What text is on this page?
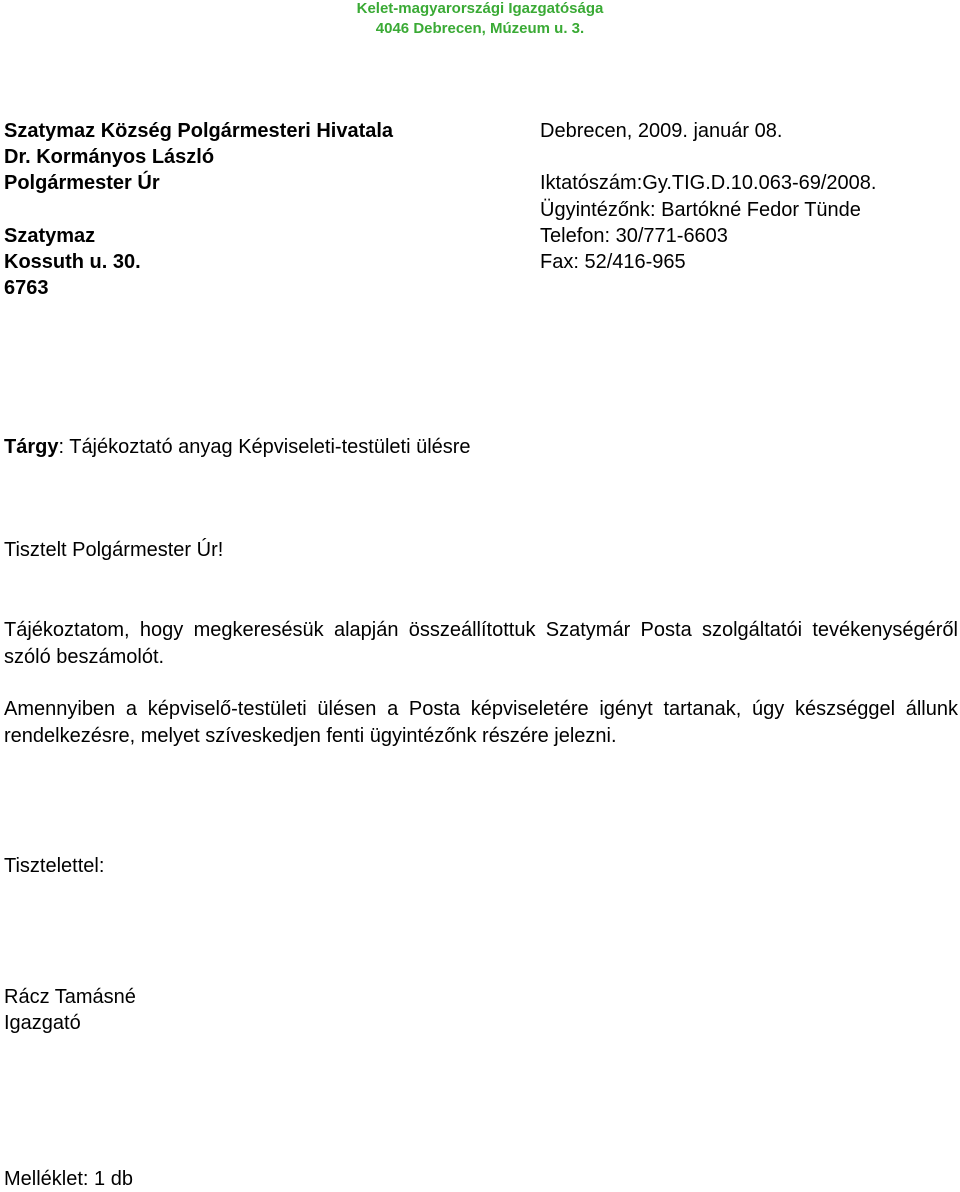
Kelet-magyarországi Igazgatósága
4046 Debrecen, Múzeum u. 3.
Szatymaz Község Polgármesteri Hivatala
Dr. Kormányos László
Polgármester Úr
Szatymaz
Kossuth u. 30.
6763
Debrecen, 2009. január 08.
Iktatószám:Gy.TIG.D.10.063-69/2008.
Ügyintézőnk: Bartókné Fedor Tünde
Telefon: 30/771-6603
Fax: 52/416-965
Tárgy: Tájékoztató anyag Képviseleti-testületi ülésre
Tisztelt Polgármester Úr!
Tájékoztatom, hogy megkeresésük alapján összeállítottuk Szatymár Posta szolgáltatói tevékenységéről szóló beszámolót.
Amennyiben a képviselő-testületi ülésen a Posta képviseletére igényt tartanak, úgy készséggel állunk rendelkezésre, melyet szíveskedjen fenti ügyintézőnk részére jelezni.
Tisztelettel:
Rácz Tamásné
Igazgató
Melléklet: 1 db
